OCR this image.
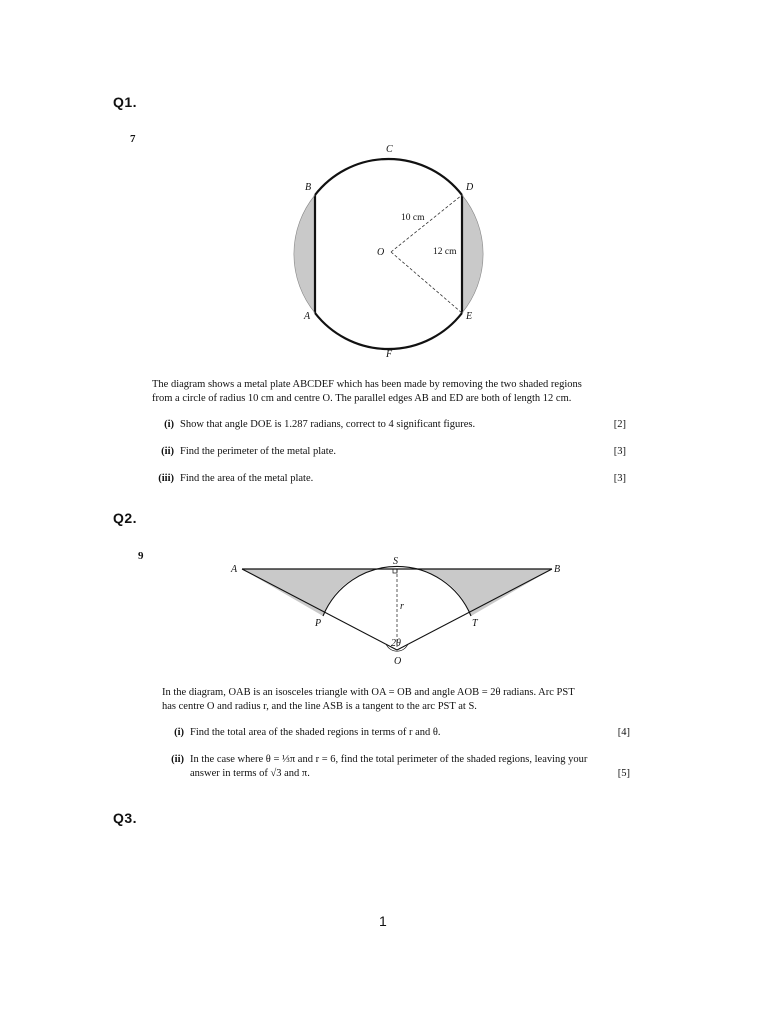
Q1.
7
C
B	D
O
A	E
F
10 cm
12 cm
The diagram shows a metal plate ABCDEF which has been made by removing the two shaded regions
from a circle of radius 10 cm and centre O. The parallel edges AB and ED are both of length 12 cm.
(i) Show that angle DOE is 1.287 radians, correct to 4 significant figures.	[2]
(ii) Find the perimeter of the metal plate.	[3]
(iii) Find the area of the metal plate.	[3]
Q2.
9
A
S
B
P	T
r
2θ
O
In the diagram, OAB is an isosceles triangle with OA = OB and angle AOB = 2θ radians. Arc PST
has centre O and radius r, and the line ASB is a tangent to the arc PST at S.
(i) Find the total area of the shaded regions in terms of r and θ.	[4]
(ii) In the case where θ = ⅓π and r = 6, find the total perimeter of the shaded regions, leaving your
answer in terms of √3 and π.	[5]
Q3.
1
